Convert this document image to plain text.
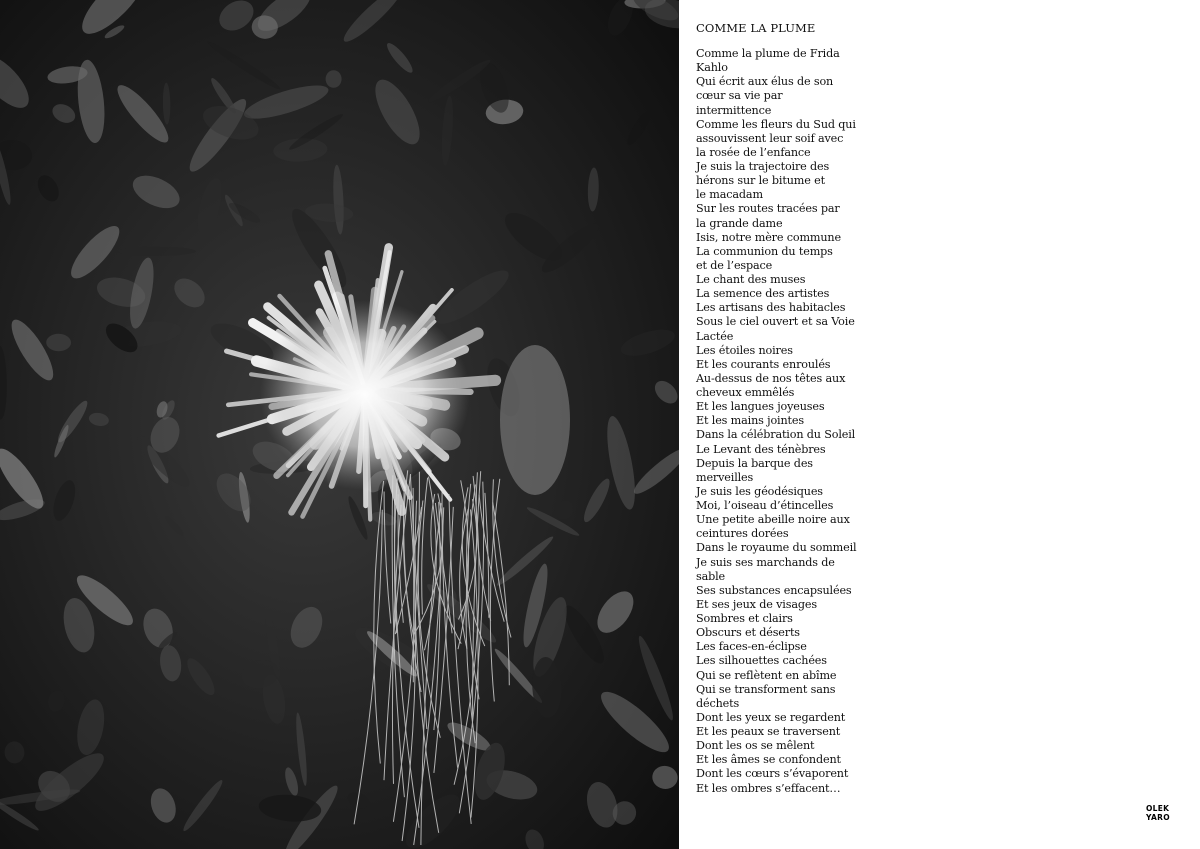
COMME LA PLUME
Comme la plume de Frida
Kahlo
Qui écrit aux élus de son
cœur sa vie par
intermittence
Comme les fleurs du Sud qui
assouvissent leur soif avec
la rosée de l’enfance
Je suis la trajectoire des
hérons sur le bitume et
le macadam
Sur les routes tracées par
la grande dame
Isis, notre mère commune
La communion du temps
et de l’espace
Le chant des muses
La semence des artistes
Les artisans des habitacles
Sous le ciel ouvert et sa Voie
Lactée
Les étoiles noires
Et les courants enroulés
Au-dessus de nos têtes aux
cheveux emmêlés
Et les langues joyeuses
Et les mains jointes
Dans la célébration du Soleil
Le Levant des ténèbres
Depuis la barque des
merveilles
Je suis les géodésiques
Moi, l’oiseau d’étincelles
Une petite abeille noire aux
ceintures dorées
Dans le royaume du sommeil
Je suis ses marchands de
sable
Ses substances encapsulées
Et ses jeux de visages
Sombres et clairs
Obscurs et déserts
Les faces-en-éclipse
Les silhouettes cachées
Qui se reflètent en abîme
Qui se transforment sans
déchets
Dont les yeux se regardent
Et les peaux se traversent
Dont les os se mêlent
Et les âmes se confondent
Dont les cœurs s’évaporent
Et les ombres s’effacent…
OLEK
YARO
